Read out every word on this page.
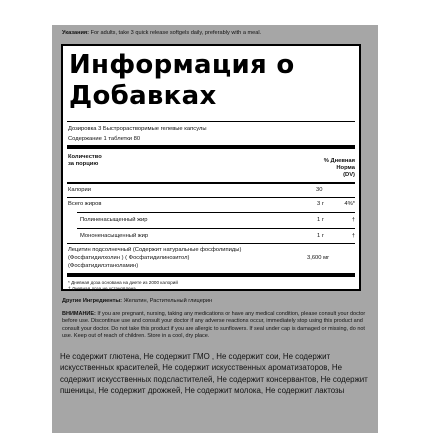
Указания: For adults, take 3 quick release softgels daily, preferably with a meal.
Информация о
Добавках
Дозировка 3 Быстрорастворимые гелевые капсулы
Содержание 1 таблетки 80
Количество
за порцию	% Дневная
Норма
(DV)
Калории	30
Всего жиров	3 г	4%*
Полиненасыщенный жир	1 г	†
Мононенасыщенный жир	1 г	†
Лецитин подсолнечный (Содержит натуральные фосфолипиды)
(Фосфатидилхолин ) ( Фосфатидилинозитол)	3,600 мг
(Фосфатидилэтаноламин)
* Дневная доза основана на диете из 2000 калорий
† Дневная доза не установлена
Другие Ингредиенты: Желатин, Растительный глицерин
ВНИМАНИЕ: If you are pregnant, nursing, taking any medications or have any medical condition, please consult your doctor before use. Discontinue use and consult your doctor if any adverse reactions occur, immediately stop using this product and consult your doctor. Do not take this product if you are allergic to sunflowers. If seal under cap is damaged or missing, do not use. Keep out of reach of children. Store in a cool, dry place.
Не содержит глютена, Не содержит ГМО , Не содержит сои, Не содержит искусственных красителей, Не содержит искусственных ароматизаторов, Не содержит искусственных подсластителей, Не содержит консервантов, Не содержит пшеницы, Не содержит дрожжей, Не содержит молока, Не содержит лактозы
